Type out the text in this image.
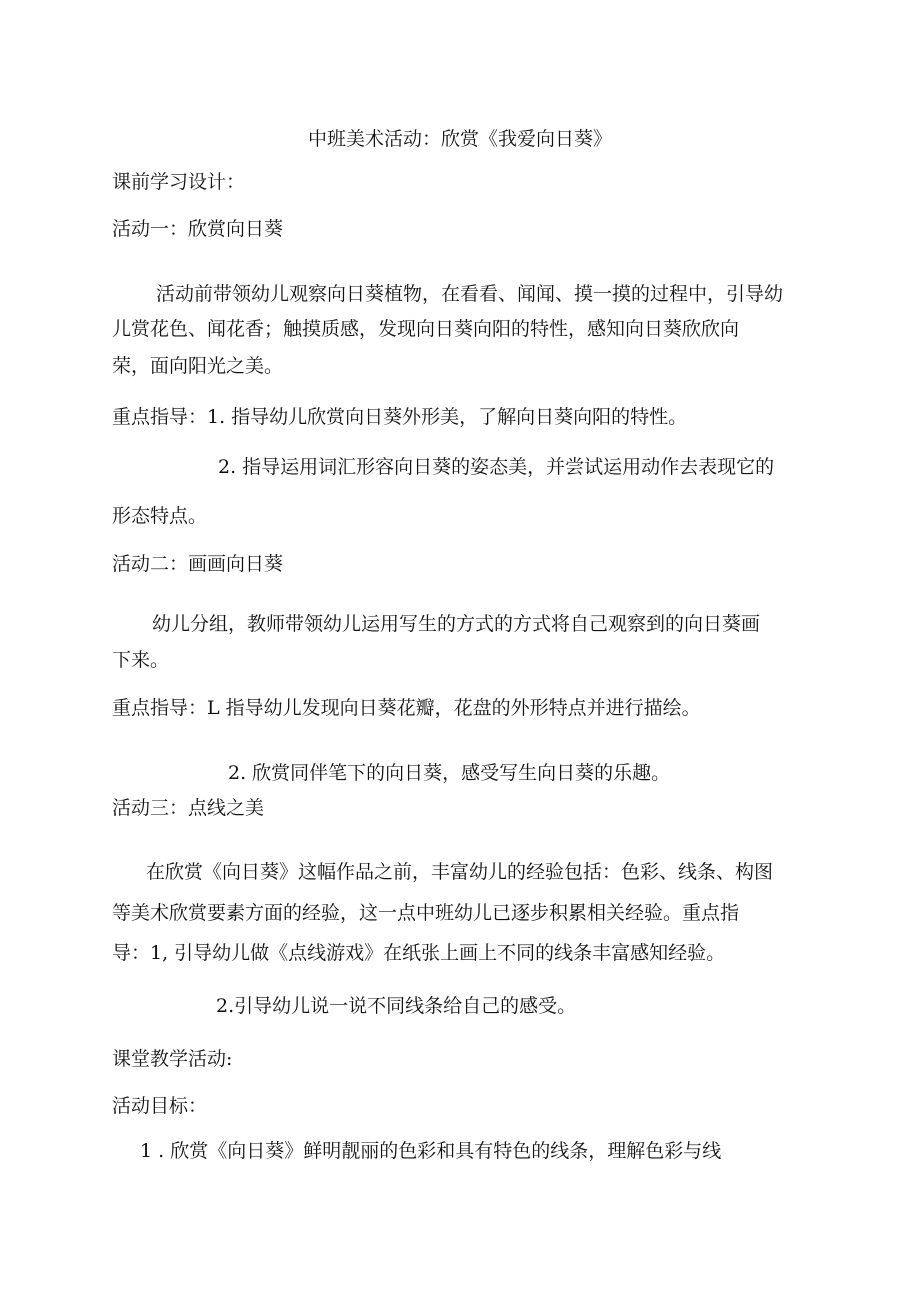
中班美术活动：欣赏《我爱向日葵》
课前学习设计：
活动一：欣赏向日葵
活动前带领幼儿观察向日葵植物，在看看、闻闻、摸一摸的过程中，引导幼
儿赏花色、闻花香；触摸质感，发现向日葵向阳的特性，感知向日葵欣欣向
荣，面向阳光之美。
重点指导：1. 指导幼儿欣赏向日葵外形美，了解向日葵向阳的特性。
2. 指导运用词汇形容向日葵的姿态美，并尝试运用动作去表现它的
形态特点。
活动二：画画向日葵
幼儿分组，教师带领幼儿运用写生的方式的方式将自己观察到的向日葵画
下来。
重点指导：L 指导幼儿发现向日葵花瓣，花盘的外形特点并进行描绘。
2. 欣赏同伴笔下的向日葵，感受写生向日葵的乐趣。
活动三：点线之美
在欣赏《向日葵》这幅作品之前，丰富幼儿的经验包括：色彩、线条、构图
等美术欣赏要素方面的经验，这一点中班幼儿已逐步积累相关经验。重点指
导：1, 引导幼儿做《点线游戏》在纸张上画上不同的线条丰富感知经验。
2.引导幼儿说一说不同线条给自己的感受。
课堂教学活动:
活动目标：
1 . 欣赏《向日葵》鲜明靓丽的色彩和具有特色的线条，理解色彩与线
